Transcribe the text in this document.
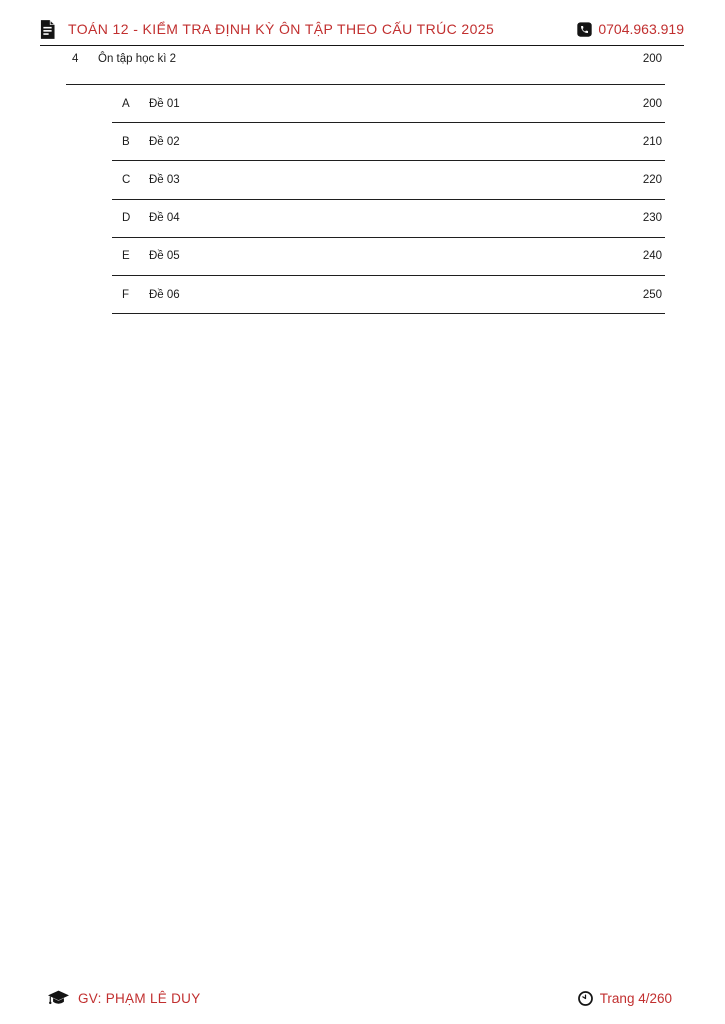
TOÁN 12 - KIỂM TRA ĐỊNH KỲ ÔN TẬP THEO CẤU TRÚC 2025	0704.963.919
4	Ôn tập học kì 2	200
A	Đề 01	200
B	Đề 02	210
C	Đề 03	220
D	Đề 04	230
E	Đề 05	240
F	Đề 06	250
GV: PHẠM LÊ DUY	Trang 4/260
